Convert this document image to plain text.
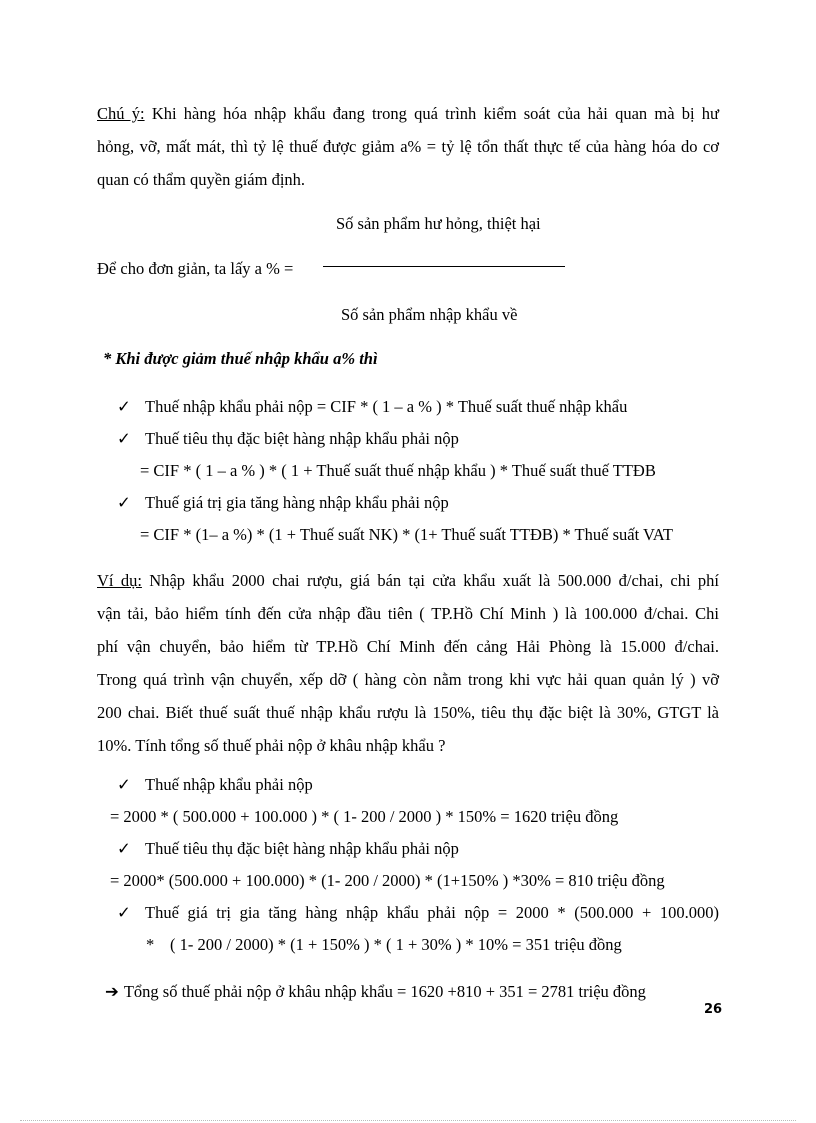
Chú ý: Khi hàng hóa nhập khẩu đang trong quá trình kiểm soát của hải quan mà bị hư
hỏng, vỡ, mất mát, thì tỷ lệ thuế được giảm a% = tỷ lệ tổn thất thực tế của hàng hóa do cơ
quan có thẩm quyền giám định.
Số sản phẩm hư hỏng, thiệt hại
Để cho đơn giản, ta lấy a % =
Số sản phẩm nhập khẩu về
* Khi được giảm thuế nhập khẩu a% thì
✓ Thuế nhập khẩu phải nộp = CIF * ( 1 – a % ) * Thuế suất thuế nhập khẩu
✓ Thuế tiêu thụ đặc biệt hàng nhập khẩu phải nộp
= CIF * ( 1 – a % ) * ( 1 + Thuế suất thuế nhập khẩu ) * Thuế suất thuế TTĐB
✓ Thuế giá trị gia tăng hàng nhập khẩu phải nộp
= CIF * (1– a %) * (1 + Thuế suất NK) * (1+ Thuế suất TTĐB) * Thuế suất VAT
Ví dụ: Nhập khẩu 2000 chai rượu, giá bán tại cửa khẩu xuất là 500.000 đ/chai, chi phí
vận tải, bảo hiểm tính đến cửa nhập đầu tiên ( TP.Hồ Chí Minh ) là 100.000 đ/chai. Chi
phí vận chuyển, bảo hiểm từ TP.Hồ Chí Minh đến cảng Hải Phòng là 15.000 đ/chai.
Trong quá trình vận chuyển, xếp dỡ ( hàng còn nằm trong khi vực hải quan quản lý ) vỡ
200 chai. Biết thuế suất thuế nhập khẩu rượu là 150%, tiêu thụ đặc biệt là 30%, GTGT là
10%. Tính tổng số thuế phải nộp ở khâu nhập khẩu ?
✓ Thuế nhập khẩu phải nộp
= 2000 * ( 500.000 + 100.000 ) * ( 1- 200 / 2000 ) * 150% = 1620 triệu đồng
✓ Thuế tiêu thụ đặc biệt hàng nhập khẩu phải nộp
= 2000* (500.000 + 100.000) * (1- 200 / 2000) * (1+150% ) *30% = 810 triệu đồng
✓ Thuế giá trị gia tăng hàng nhập khẩu phải nộp = 2000 * (500.000 + 100.000)
* ( 1- 200 / 2000) * (1 + 150% ) * ( 1 + 30% ) * 10% = 351 triệu đồng
➔ Tổng số thuế phải nộp ở khâu nhập khẩu = 1620 +810 + 351 = 2781 triệu đồng
26
